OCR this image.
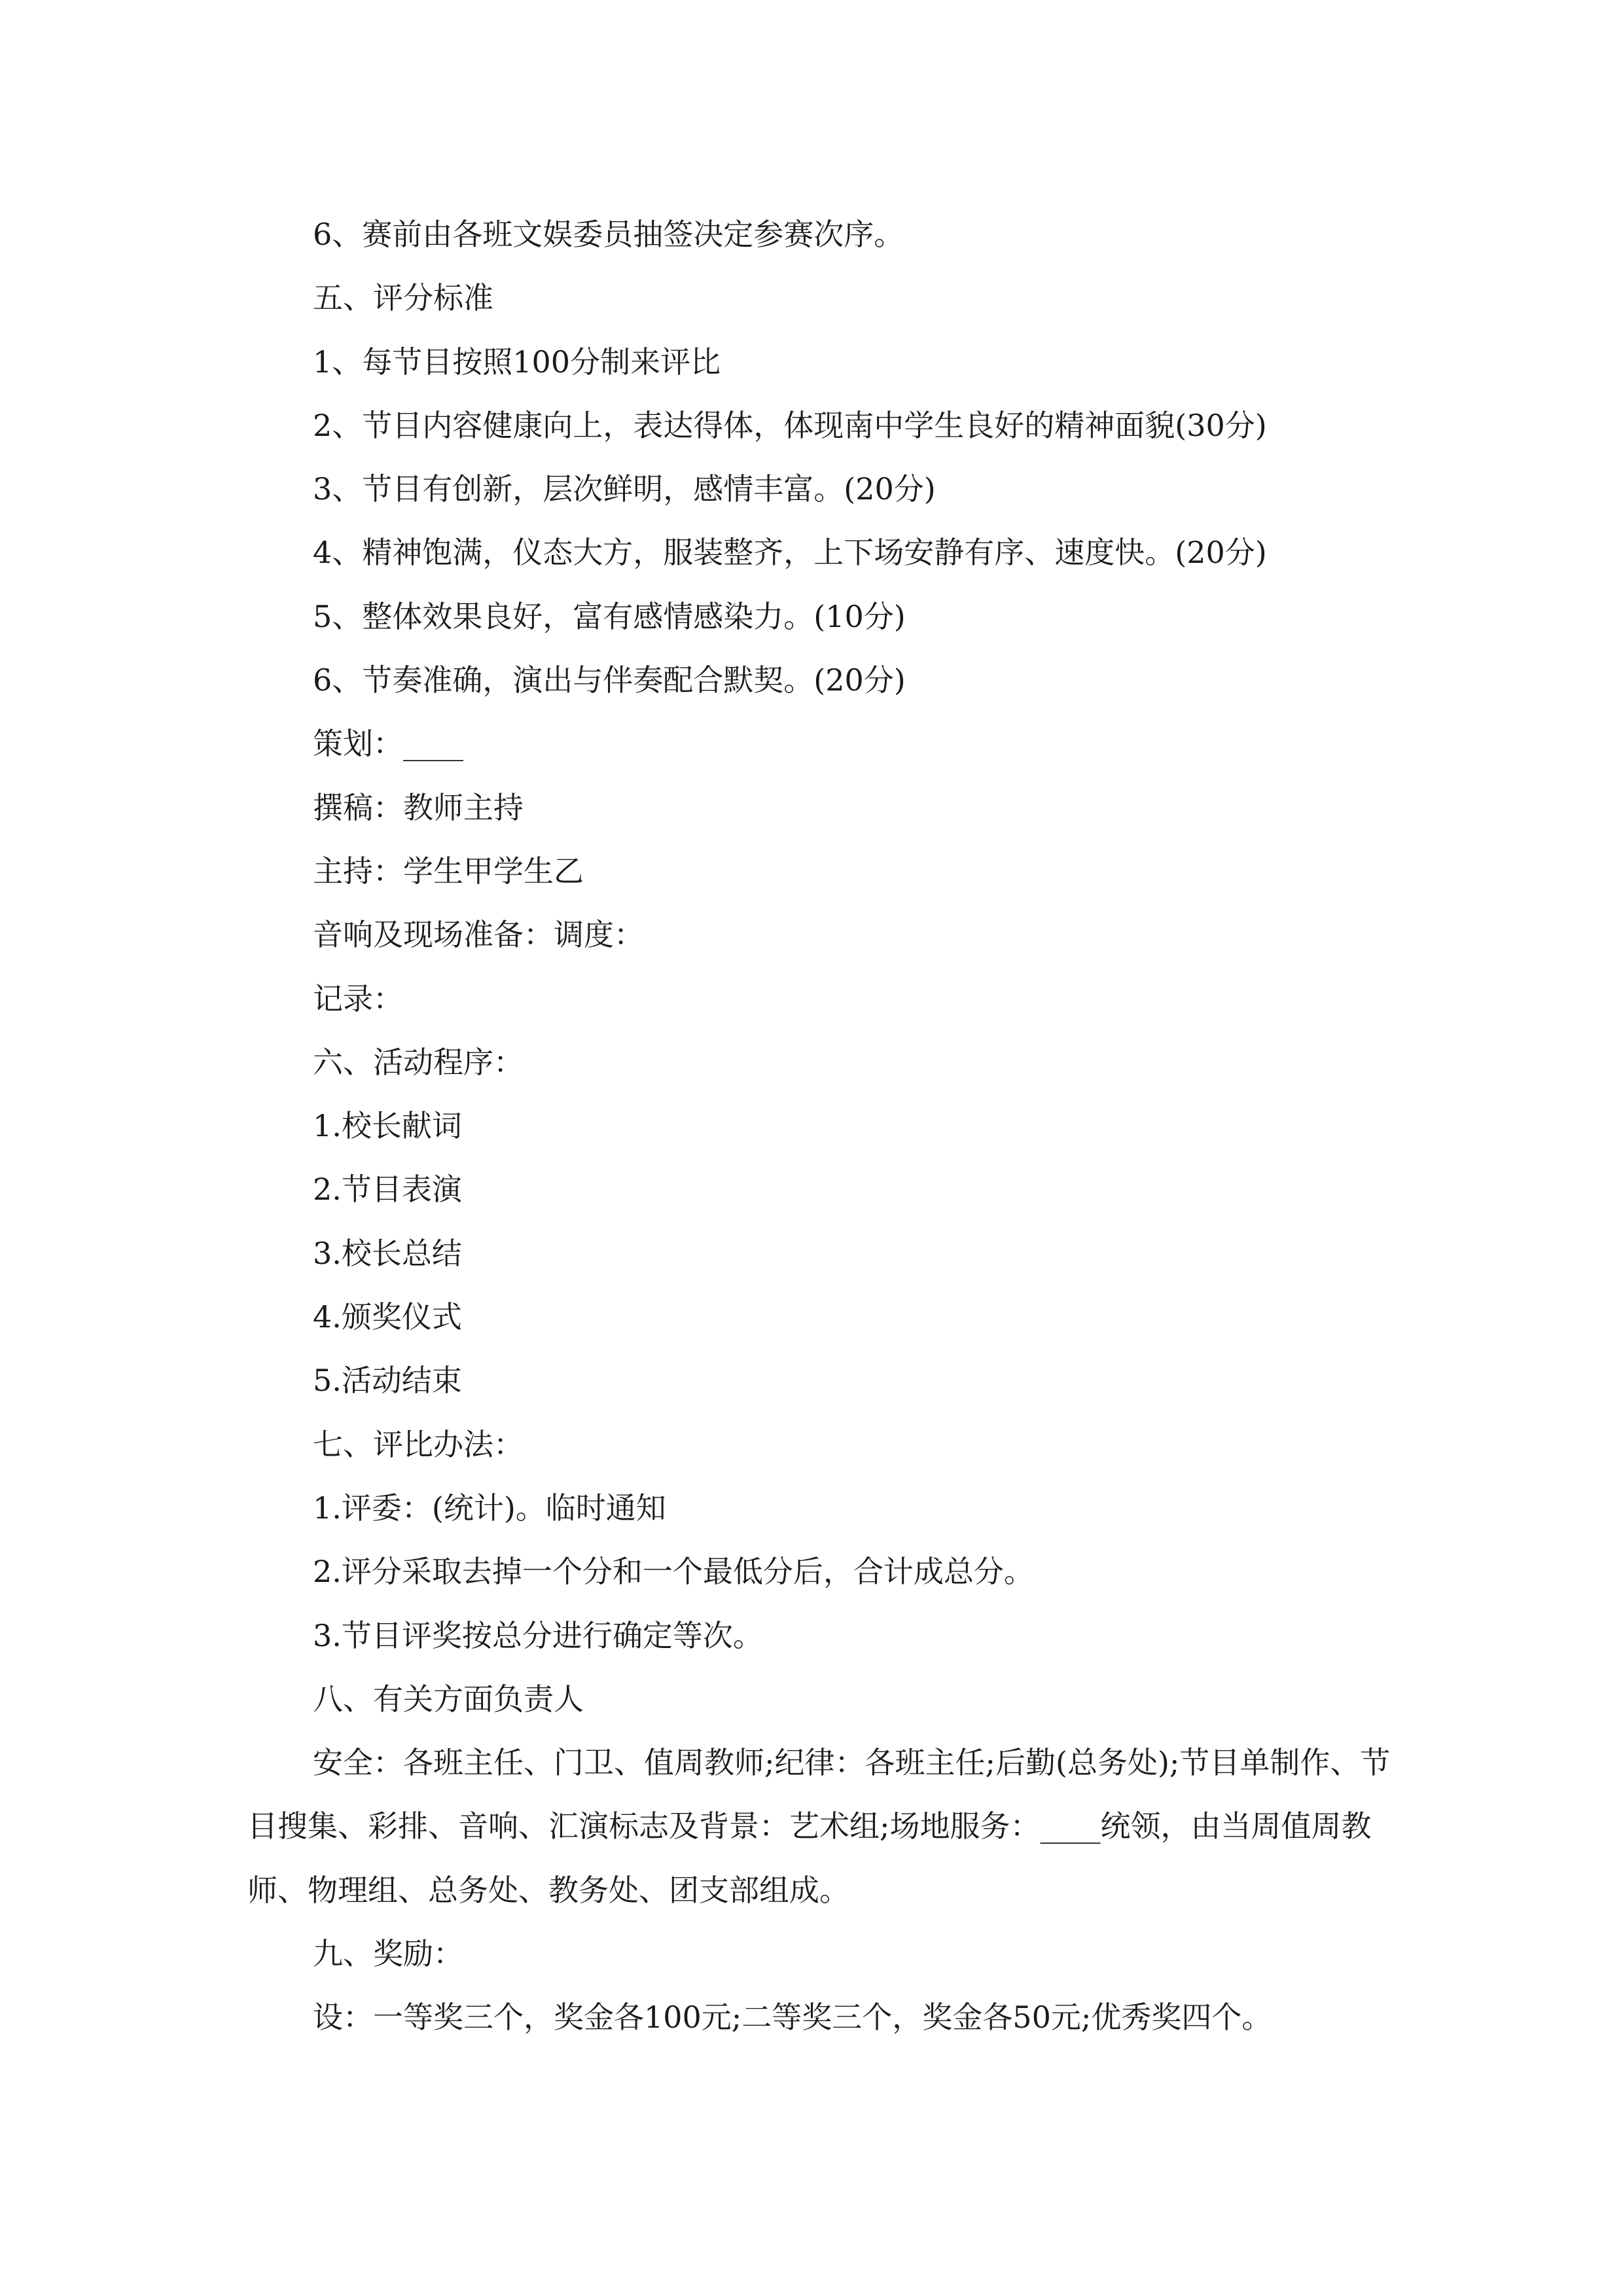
6、赛前由各班文娱委员抽签决定参赛次序。
五、评分标准
1、每节目按照100分制来评比
2、节目内容健康向上，表达得体，体现南中学生良好的精神面貌(30分)
3、节目有创新，层次鲜明，感情丰富。(20分)
4、精神饱满，仪态大方，服装整齐，上下场安静有序、速度快。(20分)
5、整体效果良好，富有感情感染力。(10分)
6、节奏准确，演出与伴奏配合默契。(20分)
策划：____
撰稿：教师主持
主持：学生甲学生乙
音响及现场准备：调度：
记录：
六、活动程序：
1.校长献词
2.节目表演
3.校长总结
4.颁奖仪式
5.活动结束
七、评比办法：
1.评委：(统计)。临时通知
2.评分采取去掉一个分和一个最低分后，合计成总分。
3.节目评奖按总分进行确定等次。
八、有关方面负责人
安全：各班主任、门卫、值周教师;纪律：各班主任;后勤(总务处);节目单制作、节目搜集、彩排、音响、汇演标志及背景：艺术组;场地服务：____统领，由当周值周教师、物理组、总务处、教务处、团支部组成。
九、奖励：
设：一等奖三个，奖金各100元;二等奖三个，奖金各50元;优秀奖四个。
